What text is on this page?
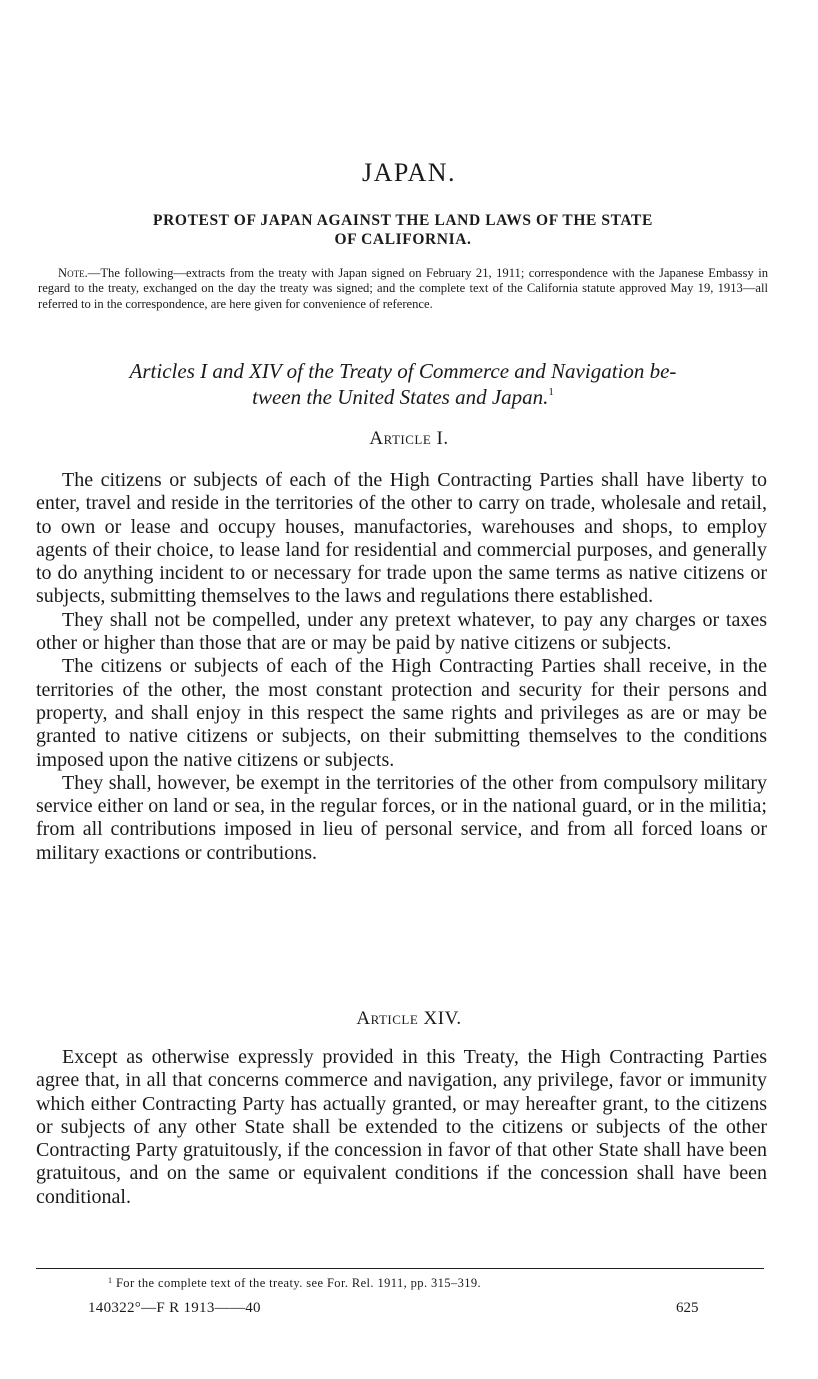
JAPAN.
PROTEST OF JAPAN AGAINST THE LAND LAWS OF THE STATE
OF CALIFORNIA.
Note.—The following—extracts from the treaty with Japan signed on February 21, 1911; correspondence with the Japanese Embassy in regard to the treaty, exchanged on the day the treaty was signed; and the complete text of the California statute approved May 19, 1913—all referred to in the correspondence, are here given for convenience of reference.
Articles I and XIV of the Treaty of Commerce and Navigation be-
tween the United States and Japan.$^1$
Article I.

The citizens or subjects of each of the High Contracting Parties shall have liberty to enter, travel and reside in the territories of the other to carry on trade, wholesale and retail, to own or lease and occupy houses, manufactories, warehouses and shops, to employ agents of their choice, to lease land for residential and commercial purposes, and generally to do anything incident to or necessary for trade upon the same terms as native citizens or subjects, submitting themselves to the laws and regulations there established.

They shall not be compelled, under any pretext whatever, to pay any charges or taxes other or higher than those that are or may be paid by native citizens or subjects.

The citizens or subjects of each of the High Contracting Parties shall receive, in the territories of the other, the most constant protection and security for their persons and property, and shall enjoy in this respect the same rights and privileges as are or may be granted to native citizens or subjects, on their submitting themselves to the conditions imposed upon the native citizens or subjects.

They shall, however, be exempt in the territories of the other from compulsory military service either on land or sea, in the regular forces, or in the national guard, or in the militia; from all contributions imposed in lieu of personal service, and from all forced loans or military exactions or contributions.

Article XIV.

Except as otherwise expressly provided in this Treaty, the High Contracting Parties agree that, in all that concerns commerce and navigation, any privilege, favor or immunity which either Contracting Party has actually granted, or may hereafter grant, to the citizens or subjects of any other State shall be extended to the citizens or subjects of the other Contracting Party gratuitously, if the concession in favor of that other State shall have been gratuitous, and on the same or equivalent conditions if the concession shall have been conditional.

$^1$ For the complete text of the treaty. see For. Rel. 1911, pp. 315–319.
140322°—F R 1913——40	625
